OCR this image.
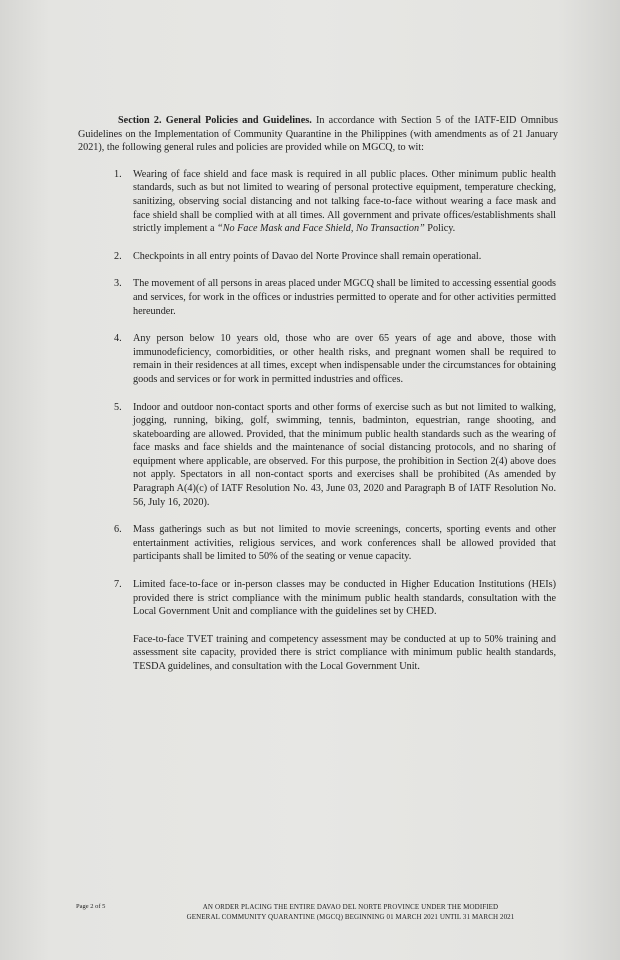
Section 2. General Policies and Guidelines. In accordance with Section 5 of the IATF-EID Omnibus Guidelines on the Implementation of Community Quarantine in the Philippines (with amendments as of 21 January 2021), the following general rules and policies are provided while on MGCQ, to wit:

1. Wearing of face shield and face mask is required in all public places. Other minimum public health standards, such as but not limited to wearing of personal protective equipment, temperature checking, sanitizing, observing social distancing and not talking face-to-face without wearing a face mask and face shield shall be complied with at all times. All government and private offices/establishments shall strictly implement a “No Face Mask and Face Shield, No Transaction” Policy.
2. Checkpoints in all entry points of Davao del Norte Province shall remain operational.
3. The movement of all persons in areas placed under MGCQ shall be limited to accessing essential goods and services, for work in the offices or industries permitted to operate and for other activities permitted hereunder.
4. Any person below 10 years old, those who are over 65 years of age and above, those with immunodeficiency, comorbidities, or other health risks, and pregnant women shall be required to remain in their residences at all times, except when indispensable under the circumstances for obtaining goods and services or for work in permitted industries and offices.
5. Indoor and outdoor non-contact sports and other forms of exercise such as but not limited to walking, jogging, running, biking, golf, swimming, tennis, badminton, equestrian, range shooting, and skateboarding are allowed. Provided, that the minimum public health standards such as the wearing of face masks and face shields and the maintenance of social distancing protocols, and no sharing of equipment where applicable, are observed. For this purpose, the prohibition in Section 2(4) above does not apply. Spectators in all non-contact sports and exercises shall be prohibited (As amended by Paragraph A(4)(c) of IATF Resolution No. 43, June 03, 2020 and Paragraph B of IATF Resolution No. 56, July 16, 2020).
6. Mass gatherings such as but not limited to movie screenings, concerts, sporting events and other entertainment activities, religious services, and work conferences shall be allowed provided that participants shall be limited to 50% of the seating or venue capacity.
7. Limited face-to-face or in-person classes may be conducted in Higher Education Institutions (HEIs) provided there is strict compliance with the minimum public health standards, consultation with the Local Government Unit and compliance with the guidelines set by CHED.

Face-to-face TVET training and competency assessment may be conducted at up to 50% training and assessment site capacity, provided there is strict compliance with minimum public health standards, TESDA guidelines, and consultation with the Local Government Unit.

Page 2 of 5	AN ORDER PLACING THE ENTIRE DAVAO DEL NORTE PROVINCE UNDER THE MODIFIED
GENERAL COMMUNITY QUARANTINE (MGCQ) BEGINNING 01 MARCH 2021 UNTIL 31 MARCH 2021
